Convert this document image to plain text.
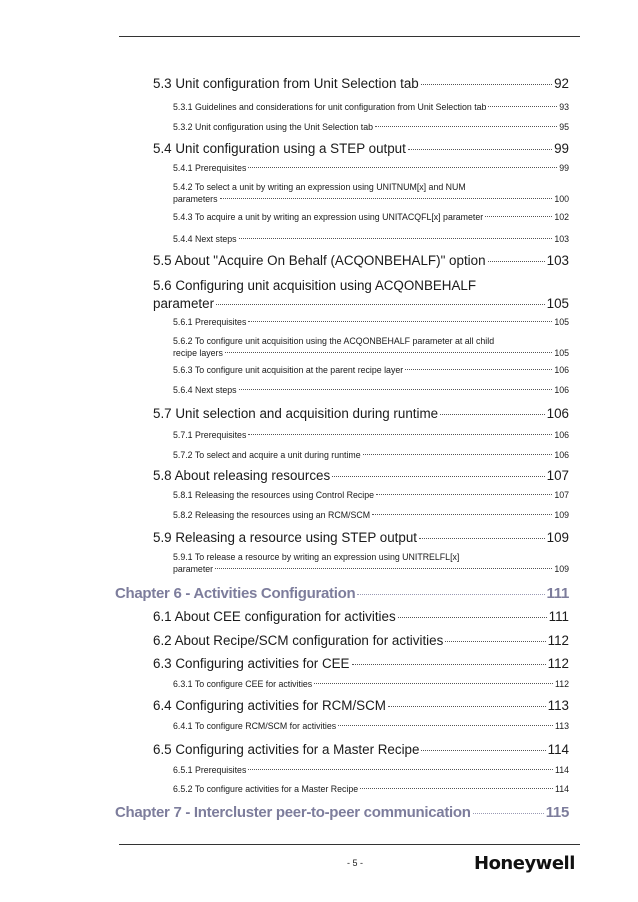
5.3 Unit configuration from Unit Selection tab	92
5.3.1 Guidelines and considerations for unit configuration from Unit Selection tab	93
5.3.2 Unit configuration using the Unit Selection tab	95
5.4 Unit configuration using a STEP output	99
5.4.1 Prerequisites	99
5.4.2 To select a unit by writing an expression using UNITNUM[x] and NUM
parameters	100
5.4.3 To acquire a unit by writing an expression using UNITACQFL[x] parameter	102
5.4.4 Next steps	103
5.5 About "Acquire On Behalf (ACQONBEHALF)" option	103
5.6 Configuring unit acquisition using ACQONBEHALF
parameter	105
5.6.1 Prerequisites	105
5.6.2 To configure unit acquisition using the ACQONBEHALF parameter at all child
recipe layers	105
5.6.3 To configure unit acquisition at the parent recipe layer	106
5.6.4 Next steps	106
5.7 Unit selection and acquisition during runtime	106
5.7.1 Prerequisites	106
5.7.2 To select and acquire a unit during runtime	106
5.8 About releasing resources	107
5.8.1 Releasing the resources using Control Recipe	107
5.8.2 Releasing the resources using an RCM/SCM	109
5.9 Releasing a resource using STEP output	109
5.9.1 To release a resource by writing an expression using UNITRELFL[x]
parameter	109
Chapter 6 - Activities Configuration	111
6.1 About CEE configuration for activities	111
6.2 About Recipe/SCM configuration for activities	112
6.3 Configuring activities for CEE	112
6.3.1 To configure CEE for activities	112
6.4 Configuring activities for RCM/SCM	113
6.4.1 To configure RCM/SCM for activities	113
6.5 Configuring activities for a Master Recipe	114
6.5.1 Prerequisites	114
6.5.2 To configure activities for a Master Recipe	114
Chapter 7 - Intercluster peer-to-peer communication	115
- 5 -	Honeywell
